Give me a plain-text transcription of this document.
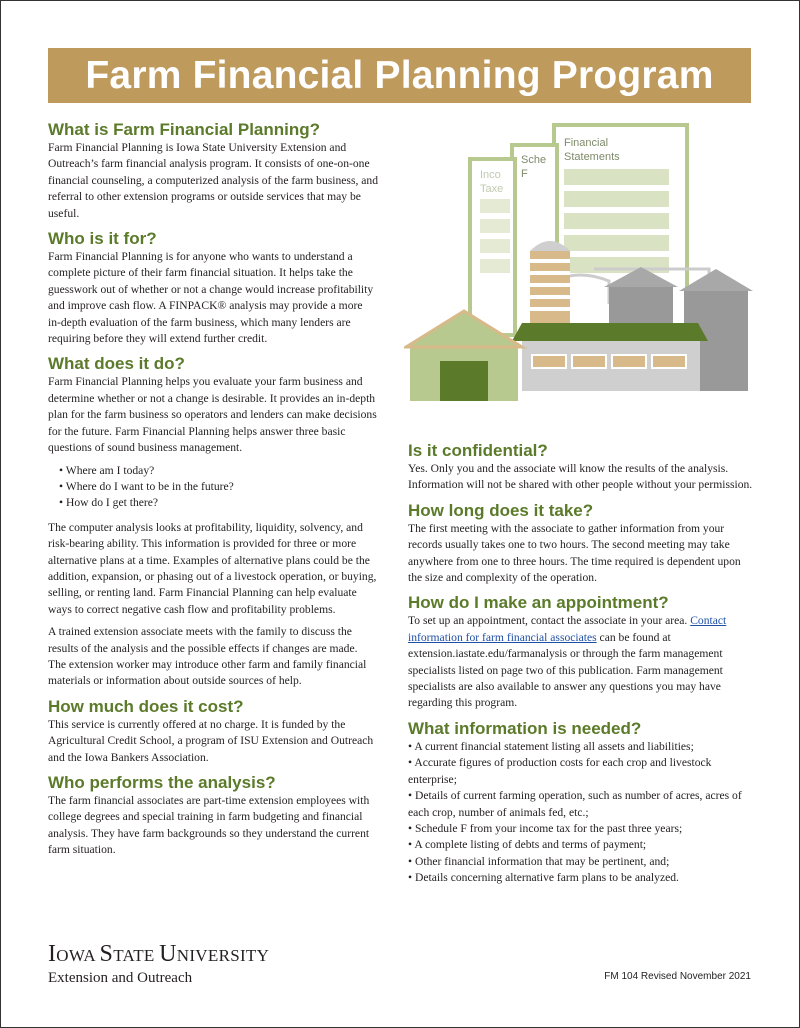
Farm Financial Planning Program
What is Farm Financial Planning?

Farm Financial Planning is Iowa State University Extension and Outreach’s farm financial analysis program. It consists of one-on-one financial counseling, a computerized analysis of the farm business, and referral to other extension programs or outside services that may be useful.

Who is it for?

Farm Financial Planning is for anyone who wants to understand a complete picture of their farm financial situation. It helps take the guesswork out of whether or not a change would increase profitability and improve cash flow. A FINPACK® analysis may provide a more in-depth evaluation of the farm business, which many lenders are requiring before they will extend further credit.

What does it do?

Farm Financial Planning helps you evaluate your farm business and determine whether or not a change is desirable. It provides an in-depth plan for the farm business so operators and lenders can make decisions for the future. Farm Financial Planning helps answer three basic questions of sound business management.

• Where am I today?
• Where do I want to be in the future?
• How do I get there?

The computer analysis looks at profitability, liquidity, solvency, and risk-bearing ability. This information is provided for three or more alternative plans at a time. Examples of alternative plans could be the addition, expansion, or phasing out of a livestock operation, or buying, selling, or renting land. Farm Financial Planning can help evaluate ways to correct negative cash flow and profitability problems.

A trained extension associate meets with the family to discuss the results of the analysis and the possible effects if changes are made. The extension worker may introduce other farm and family financial materials or information about outside sources of help.

How much does it cost?

This service is currently offered at no charge. It is funded by the Agricultural Credit School, a program of ISU Extension and Outreach and the Iowa Bankers Association.

Who performs the analysis?

The farm financial associates are part-time extension employees with college degrees and special training in farm budgeting and financial analysis. They have farm backgrounds so they understand the current farm situation.

Financial
Statements
Sche
F
Inco
Taxe
Is it confidential?

Yes. Only you and the associate will know the results of the analysis. Information will not be shared with other people without your permission.

How long does it take?

The first meeting with the associate to gather information from your records usually takes one to two hours. The second meeting may take anywhere from one to three hours. The time required is dependent upon the size and complexity of the operation.

How do I make an appointment?

To set up an appointment, contact the associate in your area. Contact information for farm financial associates can be found at extension.iastate.edu/farmanalysis or through the farm management specialists listed on page two of this publication. Farm management specialists are also available to answer any questions you may have regarding this program.

What information is needed?
• A current financial statement listing all assets and liabilities;
• Accurate figures of production costs for each crop and livestock enterprise;
• Details of current farming operation, such as number of acres, acres of each crop, number of animals fed, etc.;
• Schedule F from your income tax for the past three years;
• A complete listing of debts and terms of payment;
• Other financial information that may be pertinent, and;
• Details concerning alternative farm plans to be analyzed.
IOWA STATE UNIVERSITY
Extension and Outreach	FM 104 Revised November 2021
